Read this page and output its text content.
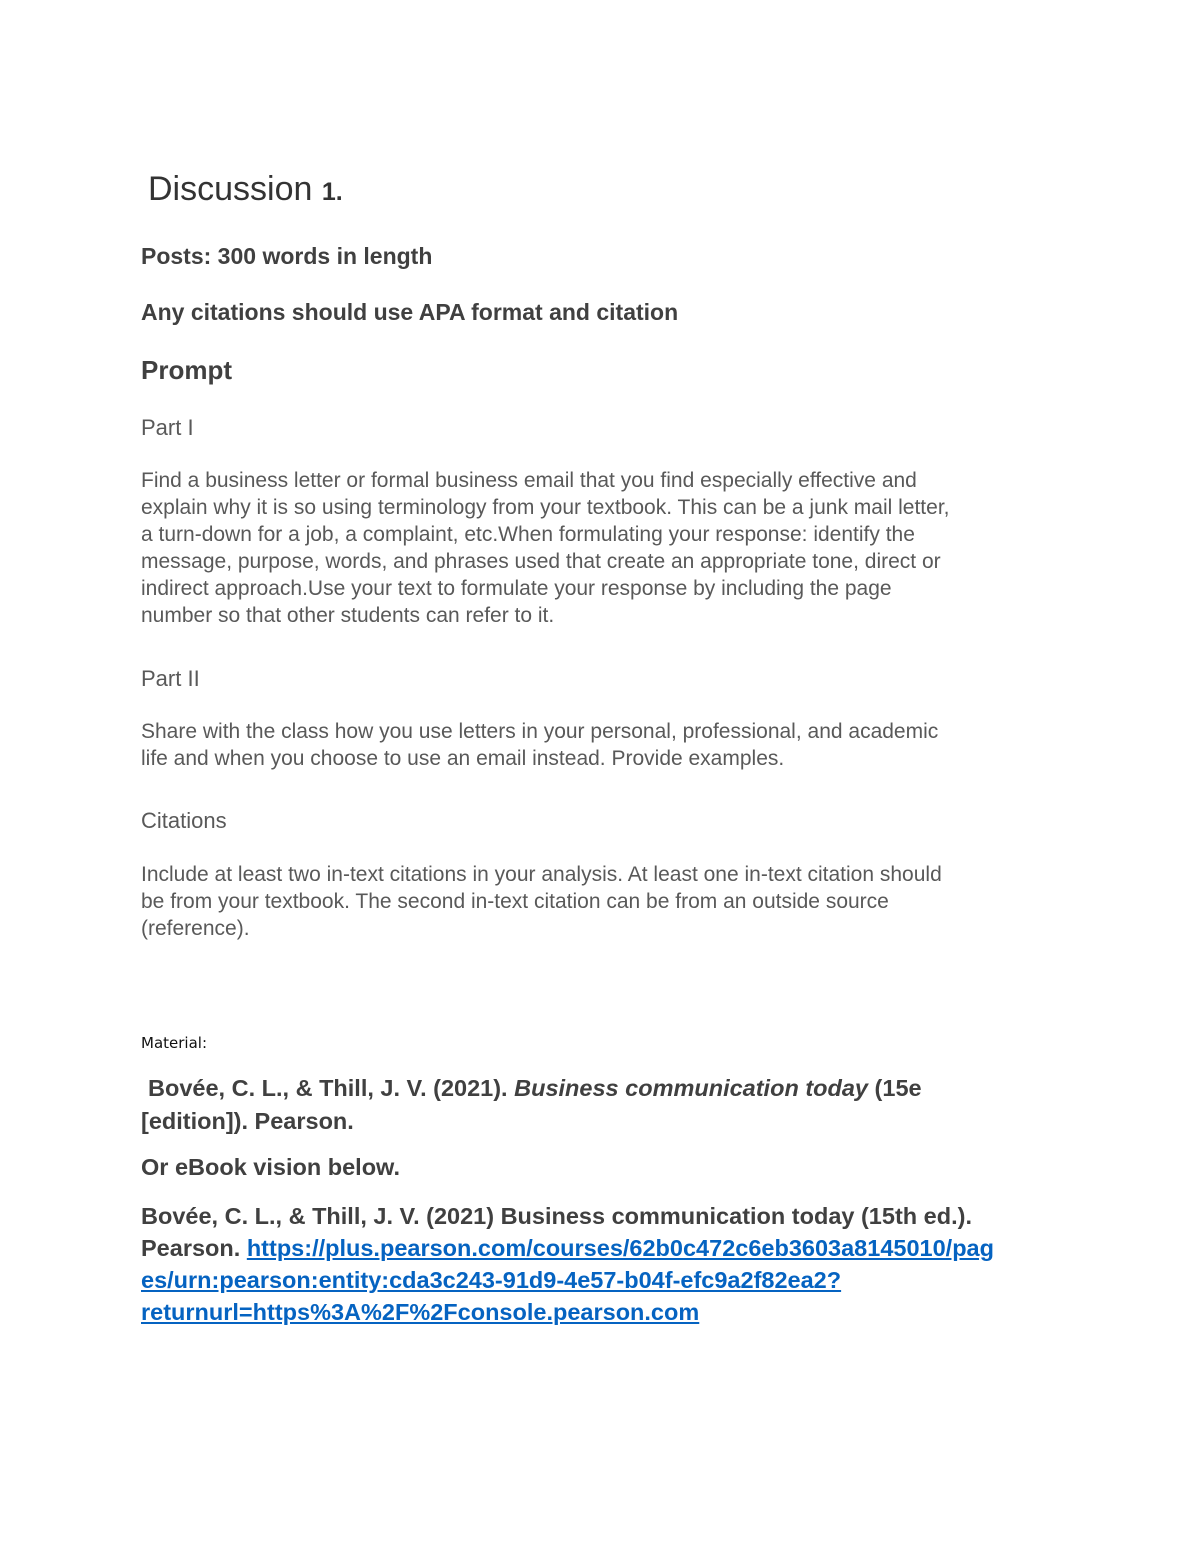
Discussion 1.

Posts: 300 words in length

Any citations should use APA format and citation

Prompt

Part I

Find a business letter or formal business email that you find especially effective and
explain why it is so using terminology from your textbook. This can be a junk mail letter,
a turn-down for a job, a complaint, etc.When formulating your response: identify the
message, purpose, words, and phrases used that create an appropriate tone, direct or
indirect approach.Use your text to formulate your response by including the page
number so that other students can refer to it.

Part II

Share with the class how you use letters in your personal, professional, and academic
life and when you choose to use an email instead. Provide examples.

Citations

Include at least two in-text citations in your analysis. At least one in-text citation should
be from your textbook. The second in-text citation can be from an outside source
(reference).

Material:

Bovée, C. L., & Thill, J. V. (2021). Business communication today (15e
[edition]). Pearson.

Or eBook vision below.

Bovée, C. L., & Thill, J. V. (2021) Business communication today (15th ed.).
Pearson. https://plus.pearson.com/courses/62b0c472c6eb3603a8145010/pag
es/urn:pearson:entity:cda3c243-91d9-4e57-b04f-efc9a2f82ea2?
returnurl=https%3A%2F%2Fconsole.pearson.com
